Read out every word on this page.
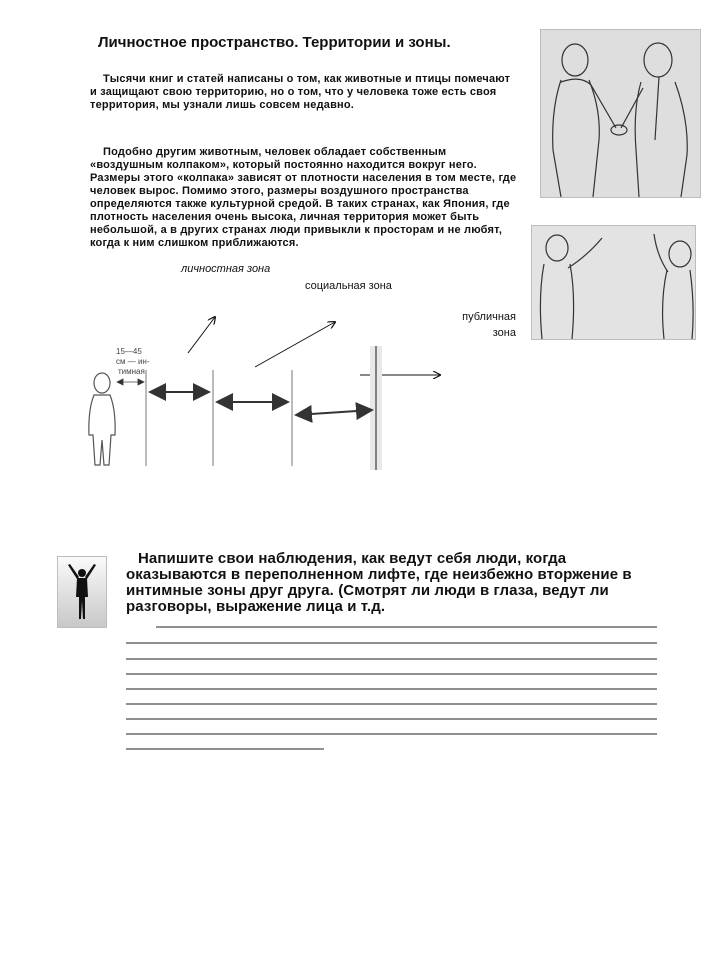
Личностное пространство. Территории и зоны.
Тысячи книг и статей написаны о том, как животные и птицы помечают и защищают свою территорию, но о том, что у человека тоже есть своя территория, мы узнали лишь совсем недавно.
Подобно другим животным, человек обладает собственным «воздушным колпаком», который постоянно находится вокруг него. Размеры этого «колпака» зависят от плотности населения в том месте, где человек вырос. Помимо этого, размеры воздушного пространства определяются также культурной средой. В таких странах, как Япония, где плотность населения очень высока, личная территория может быть небольшой, а в других странах люди привыкли к просторам и не любят, когда к ним слишком приближаются.
личностная зона
социальная зона
публичная
зона
15—45
см — ин-
тимная
Напишите свои наблюдения, как ведут себя люди, когда оказываются в переполненном лифте, где неизбежно вторжение в интимные зоны друг друга. (Смотрят ли люди в глаза, ведут ли разговоры, выражение лица и т.д.
